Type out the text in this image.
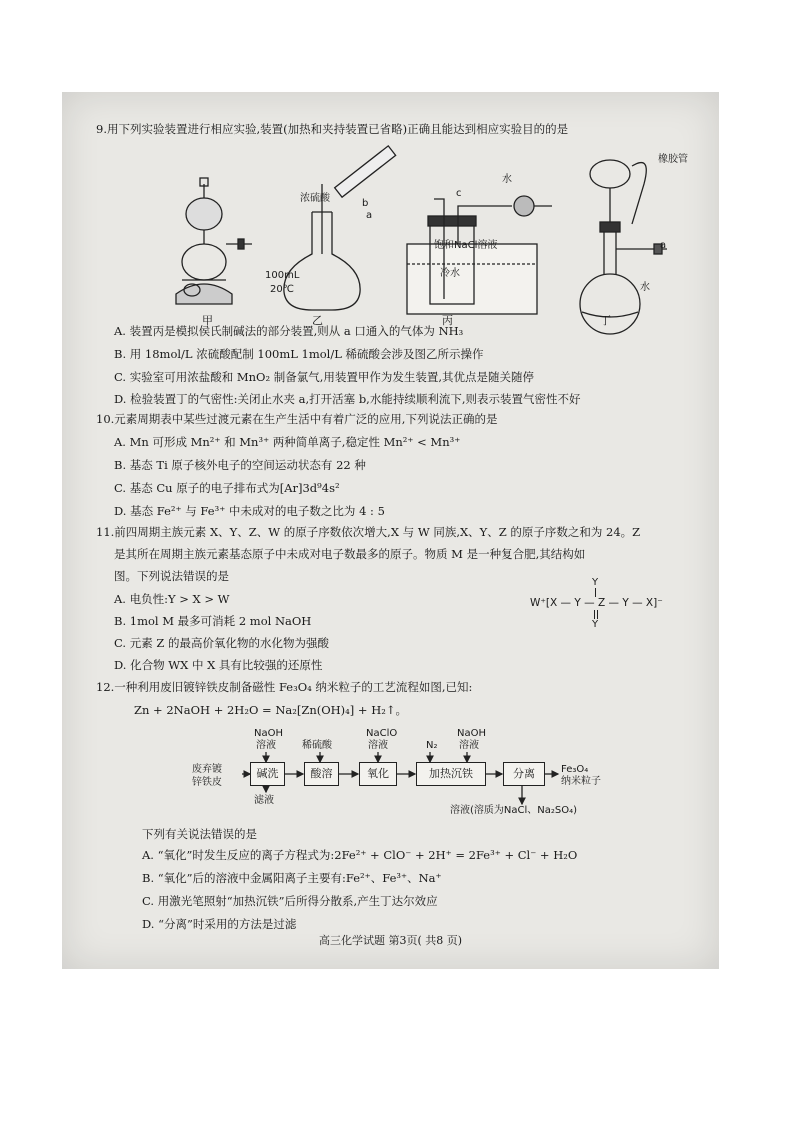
9.用下列实验装置进行相应实验,装置(加热和夹持装置已省略)正确且能达到相应实验目的的是
浓硫酸
100mL
20℃
b
a
c
饱和NaCl溶液
冷水
水
橡胶管
水
a
甲	乙	丙	丁
A. 装置丙是模拟侯氏制碱法的部分装置,则从 a 口通入的气体为 NH₃
B. 用 18mol/L 浓硫酸配制 100mL 1mol/L 稀硫酸会涉及图乙所示操作
C. 实验室可用浓盐酸和 MnO₂ 制备氯气,用装置甲作为发生装置,其优点是随关随停
D. 检验装置丁的气密性:关闭止水夹 a,打开活塞 b,水能持续顺利流下,则表示装置气密性不好
10.元素周期表中某些过渡元素在生产生活中有着广泛的应用,下列说法正确的是
A. Mn 可形成 Mn²⁺ 和 Mn³⁺ 两种简单离子,稳定性 Mn²⁺ < Mn³⁺
B. 基态 Ti 原子核外电子的空间运动状态有 22 种
C. 基态 Cu 原子的电子排布式为[Ar]3d⁹4s²
D. 基态 Fe²⁺ 与 Fe³⁺ 中未成对的电子数之比为 4 : 5
11.前四周期主族元素 X、Y、Z、W 的原子序数依次增大,X 与 W 同族,X、Y、Z 的原子序数之和为 24。Z
是其所在周期主族元素基态原子中未成对电子数最多的原子。物质 M 是一种复合肥,其结构如
图。下列说法错误的是
A. 电负性:Y > X > W
B. 1mol M 最多可消耗 2 mol NaOH
C. 元素 Z 的最高价氧化物的水化物为强酸
D. 化合物 WX 中 X 具有比较强的还原性
Y
W⁺[X — Y — Z — Y — X]⁻
Y
12.一种利用废旧镀锌铁皮制备磁性 Fe₃O₄ 纳米粒子的工艺流程如图,已知:
Zn + 2NaOH + 2H₂O = Na₂[Zn(OH)₄] + H₂↑。
废弃镀
锌铁皮
碱洗	酸溶	氧化	加热沉铁	分离
NaOH
溶液	稀硫酸
NaClO
溶液	N₂
NaOH
溶液
滤液
Fe₃O₄
纳米粒子
溶液(溶质为NaCl、Na₂SO₄)
下列有关说法错误的是
A. “氧化”时发生反应的离子方程式为:2Fe²⁺ + ClO⁻ + 2H⁺ = 2Fe³⁺ + Cl⁻ + H₂O
B. “氧化”后的溶液中金属阳离子主要有:Fe²⁺、Fe³⁺、Na⁺
C. 用激光笔照射“加热沉铁”后所得分散系,产生丁达尔效应
D. “分离”时采用的方法是过滤
高三化学试题 第3页( 共8 页)
